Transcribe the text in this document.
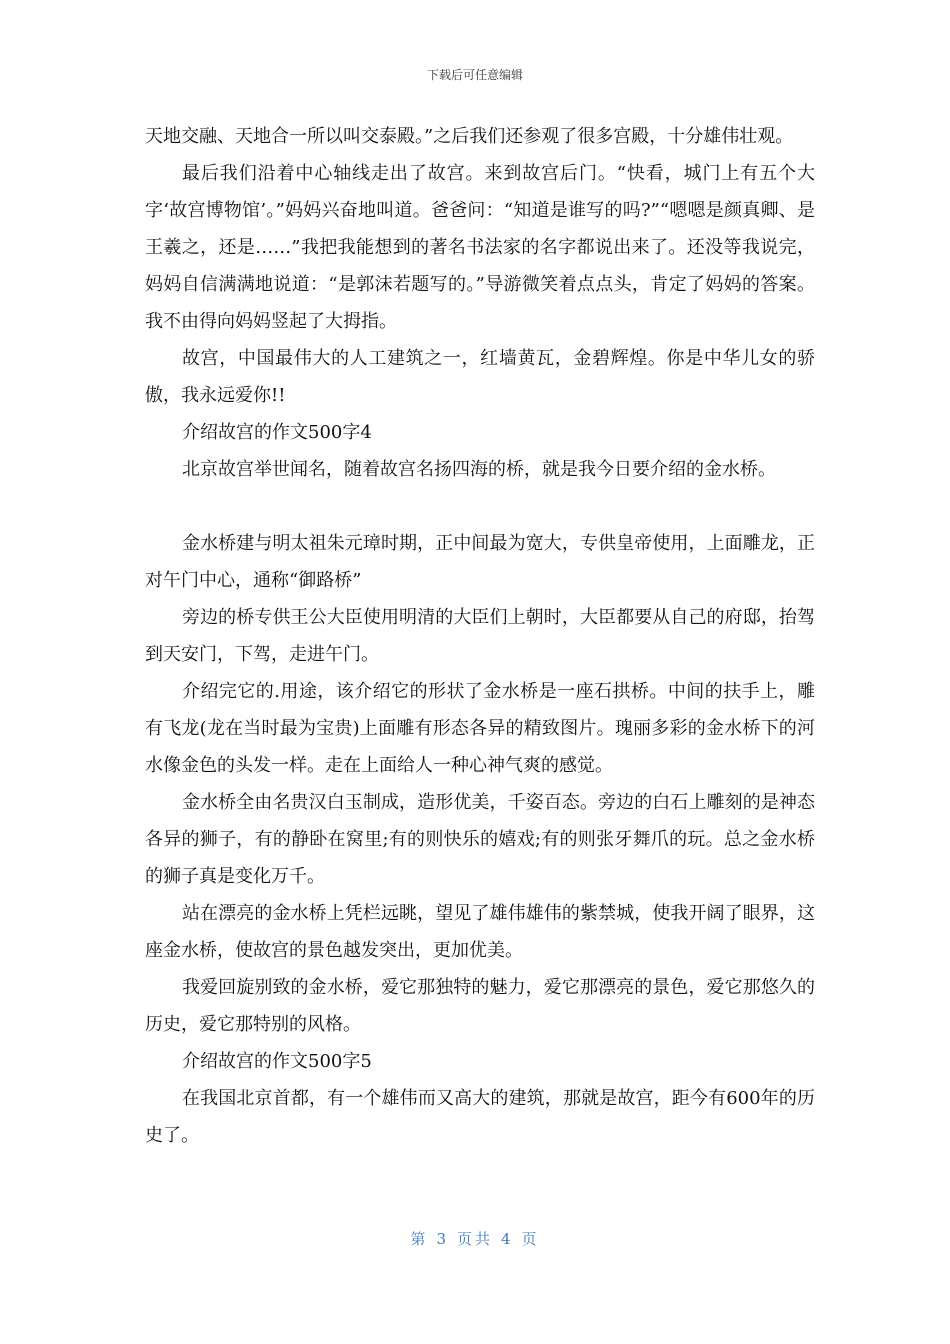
下载后可任意编辑

天地交融、天地合一所以叫交泰殿。”之后我们还参观了很多宫殿，十分雄伟壮观。

最后我们沿着中心轴线走出了故宫。来到故宫后门。“快看，城门上有五个大字‘故宫博物馆’。”妈妈兴奋地叫道。爸爸问：“知道是谁写的吗?”“嗯嗯是颜真卿、是王羲之，还是……”我把我能想到的著名书法家的名字都说出来了。还没等我说完，妈妈自信满满地说道：“是郭沫若题写的。”导游微笑着点点头，肯定了妈妈的答案。我不由得向妈妈竖起了大拇指。

故宫，中国最伟大的人工建筑之一，红墙黄瓦，金碧辉煌。你是中华儿女的骄傲，我永远爱你!!

介绍故宫的作文500字4

北京故宫举世闻名，随着故宫名扬四海的桥，就是我今日要介绍的金水桥。

金水桥建与明太祖朱元璋时期，正中间最为宽大，专供皇帝使用，上面雕龙，正对午门中心，通称“御路桥”

旁边的桥专供王公大臣使用明清的大臣们上朝时，大臣都要从自己的府邸，抬驾到天安门，下驾，走进午门。

介绍完它的.用途，该介绍它的形状了金水桥是一座石拱桥。中间的扶手上，雕有飞龙(龙在当时最为宝贵)上面雕有形态各异的精致图片。瑰丽多彩的金水桥下的河水像金色的头发一样。走在上面给人一种心神气爽的感觉。

金水桥全由名贵汉白玉制成，造形优美，千姿百态。旁边的白石上雕刻的是神态各异的狮子，有的静卧在窝里;有的则快乐的嬉戏;有的则张牙舞爪的玩。总之金水桥的狮子真是变化万千。

站在漂亮的金水桥上凭栏远眺，望见了雄伟雄伟的紫禁城，使我开阔了眼界，这座金水桥，使故宫的景色越发突出，更加优美。

我爱回旋别致的金水桥，爱它那独特的魅力，爱它那漂亮的景色，爱它那悠久的历史，爱它那特别的风格。

介绍故宫的作文500字5

在我国北京首都，有一个雄伟而又高大的建筑，那就是故宫，距今有600年的历史了。

第 3 页共 4 页
